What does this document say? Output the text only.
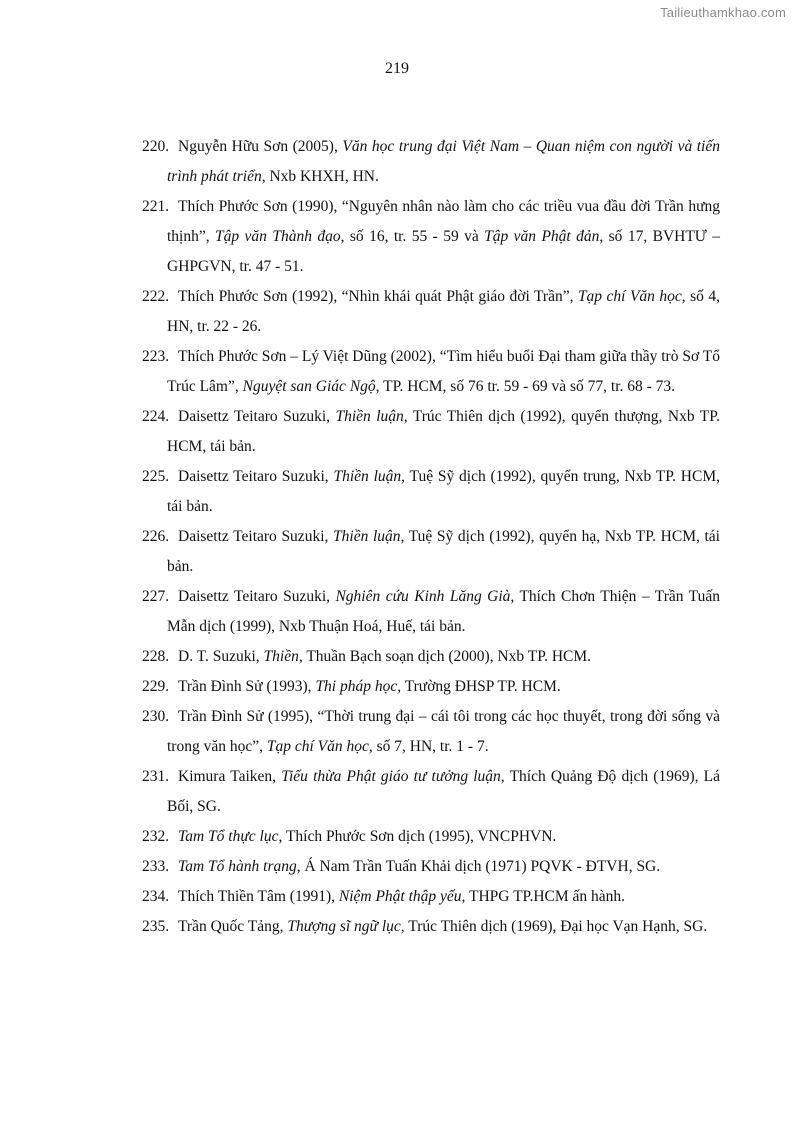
Tailieuthamkhao.com
219
220. Nguyễn Hữu Sơn (2005), Văn học trung đại Việt Nam – Quan niệm con người và tiến trình phát triển, Nxb KHXH, HN.
221. Thích Phước Sơn (1990), “Nguyên nhân nào làm cho các triều vua đầu đời Trần hưng thịnh”, Tập văn Thành đạo, số 16, tr. 55 - 59 và Tập văn Phật đản, số 17, BVHTƯ – GHPGVN, tr. 47 - 51.
222. Thích Phước Sơn (1992), “Nhìn khái quát Phật giáo đời Trần”, Tạp chí Văn học, số 4, HN, tr. 22 - 26.
223. Thích Phước Sơn – Lý Việt Dũng (2002), “Tìm hiểu buổi Đại tham giữa thầy trò Sơ Tổ Trúc Lâm”, Nguyệt san Giác Ngộ, TP. HCM, số 76 tr. 59 - 69 và số 77, tr. 68 - 73.
224. Daisettz Teitaro Suzuki, Thiền luận, Trúc Thiên dịch (1992), quyển thượng, Nxb TP. HCM, tái bản.
225. Daisettz Teitaro Suzuki, Thiền luận, Tuệ Sỹ dịch (1992), quyển trung, Nxb TP. HCM, tái bản.
226. Daisettz Teitaro Suzuki, Thiền luận, Tuệ Sỹ dịch (1992), quyển hạ, Nxb TP. HCM, tái bản.
227. Daisettz Teitaro Suzuki, Nghiên cứu Kinh Lăng Già, Thích Chơn Thiện – Trần Tuấn Mẫn dịch (1999), Nxb Thuận Hoá, Huế, tái bản.
228. D. T. Suzuki, Thiền, Thuần Bạch soạn dịch (2000), Nxb TP. HCM.
229. Trần Đình Sử (1993), Thi pháp học, Trường ĐHSP TP. HCM.
230. Trần Đình Sử (1995), “Thời trung đại – cái tôi trong các học thuyết, trong đời sống và trong văn học”, Tạp chí Văn học, số 7, HN, tr. 1 - 7.
231. Kimura Taiken, Tiểu thừa Phật giáo tư tưởng luận, Thích Quảng Độ dịch (1969), Lá Bối, SG.
232. Tam Tổ thực lục, Thích Phước Sơn dịch (1995), VNCPHVN.
233. Tam Tổ hành trạng, Á Nam Trần Tuấn Khải dịch (1971) PQVK - ĐTVH, SG.
234. Thích Thiền Tâm (1991), Niệm Phật thập yếu, THPG TP.HCM ấn hành.
235. Trần Quốc Tảng, Thượng sĩ ngữ lục, Trúc Thiên dịch (1969), Đại học Vạn Hạnh, SG.
